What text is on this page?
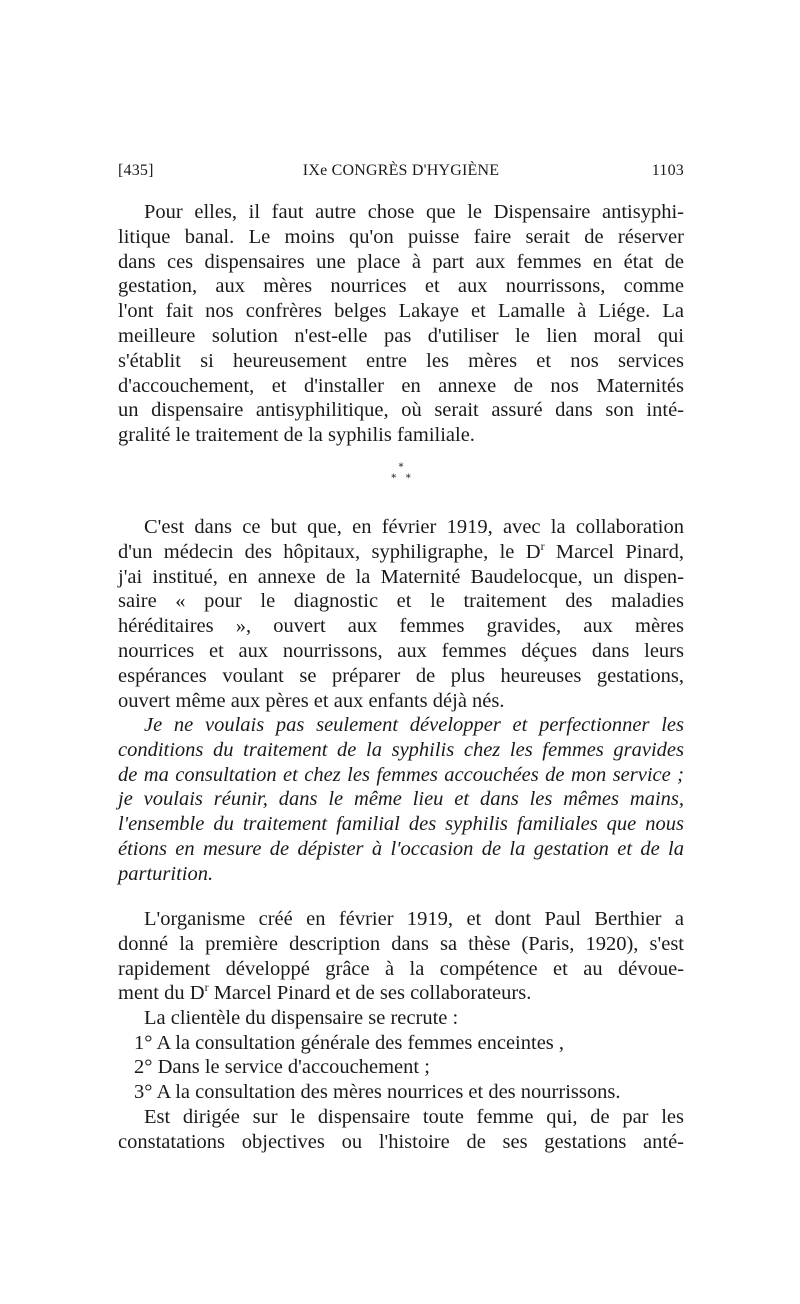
[435]	IXe CONGRÈS D'HYGIÈNE	1103
Pour elles, il faut autre chose que le Dispensaire antisyphi-
litique banal. Le moins qu'on puisse faire serait de réserver
dans ces dispensaires une place à part aux femmes en état de
gestation, aux mères nourrices et aux nourrissons, comme
l'ont fait nos confrères belges Lakaye et Lamalle à Liége. La
meilleure solution n'est-elle pas d'utiliser le lien moral qui
s'établit si heureusement entre les mères et nos services
d'accouchement, et d'installer en annexe de nos Maternités
un dispensaire antisyphilitique, où serait assuré dans son inté-
gralité le traitement de la syphilis familiale.
*
*   *
C'est dans ce but que, en février 1919, avec la collaboration
d'un médecin des hôpitaux, syphiligraphe, le $D^r$ Marcel Pinard,
j'ai institué, en annexe de la Maternité Baudelocque, un dispen-
saire « pour le diagnostic et le traitement des maladies
héréditaires », ouvert aux femmes gravides, aux mères
nourrices et aux nourrissons, aux femmes déçues dans leurs
espérances voulant se préparer de plus heureuses gestations,
ouvert même aux pères et aux enfants déjà nés.
Je ne voulais pas seulement développer et perfectionner les
conditions du traitement de la syphilis chez les femmes gravides
de ma consultation et chez les femmes accouchées de mon service ;
je voulais réunir, dans le même lieu et dans les mêmes mains,
l'ensemble du traitement familial des syphilis familiales que nous
étions en mesure de dépister à l'occasion de la gestation et de la
parturition.
L'organisme créé en février 1919, et dont Paul Berthier a
donné la première description dans sa thèse (Paris, 1920), s'est
rapidement développé grâce à la compétence et au dévoue-
ment du $D^r$ Marcel Pinard et de ses collaborateurs.
La clientèle du dispensaire se recrute :
1° A la consultation générale des femmes enceintes ,
2° Dans le service d'accouchement ;
3° A la consultation des mères nourrices et des nourrissons.
Est dirigée sur le dispensaire toute femme qui, de par les
constatations objectives ou l'histoire de ses gestations anté-
